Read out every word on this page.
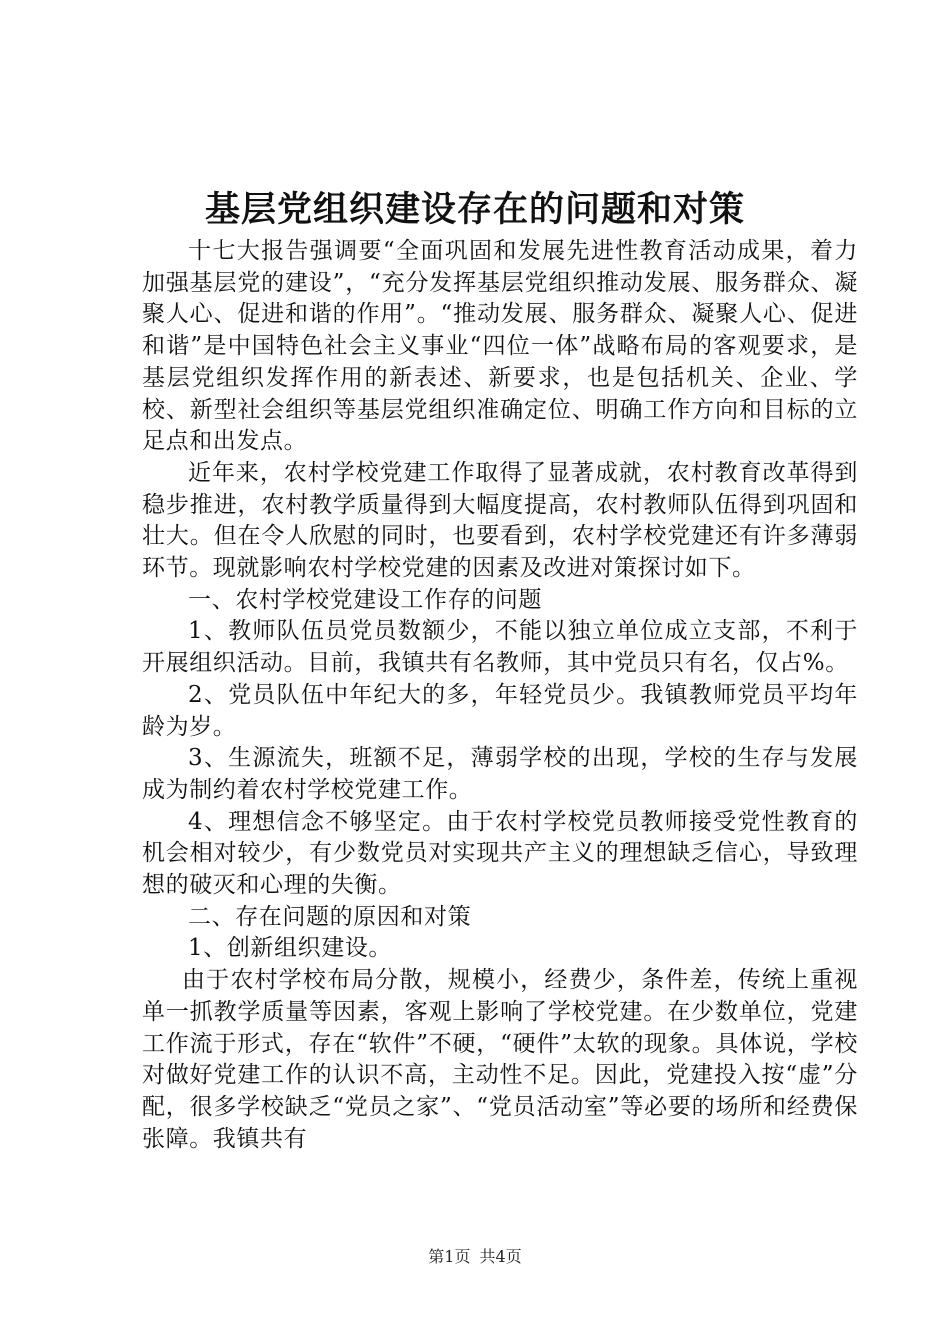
基层党组织建设存在的问题和对策

十七大报告强调要“全面巩固和发展先进性教育活动成果，着力加强基层党的建设”，“充分发挥基层党组织推动发展、服务群众、凝聚人心、促进和谐的作用”。“推动发展、服务群众、凝聚人心、促进和谐”是中国特色社会主义事业“四位一体”战略布局的客观要求，是基层党组织发挥作用的新表述、新要求，也是包括机关、企业、学校、新型社会组织等基层党组织准确定位、明确工作方向和目标的立足点和出发点。

近年来，农村学校党建工作取得了显著成就，农村教育改革得到稳步推进，农村教学质量得到大幅度提高，农村教师队伍得到巩固和壮大。但在令人欣慰的同时，也要看到，农村学校党建还有许多薄弱环节。现就影响农村学校党建的因素及改进对策探讨如下。

一、农村学校党建设工作存的问题

1、教师队伍员党员数额少，不能以独立单位成立支部，不利于开展组织活动。目前，我镇共有名教师，其中党员只有名，仅占%。

2、党员队伍中年纪大的多，年轻党员少。我镇教师党员平均年龄为岁。

3、生源流失，班额不足，薄弱学校的出现，学校的生存与发展成为制约着农村学校党建工作。

4、理想信念不够坚定。由于农村学校党员教师接受党性教育的机会相对较少，有少数党员对实现共产主义的理想缺乏信心，导致理想的破灭和心理的失衡。

二、存在问题的原因和对策

1、创新组织建设。

由于农村学校布局分散，规模小，经费少，条件差，传统上重视单一抓教学质量等因素，客观上影响了学校党建。在少数单位，党建工作流于形式，存在“软件”不硬，“硬件”太软的现象。具体说，学校对做好党建工作的认识不高，主动性不足。因此，党建投入按“虚”分配，很多学校缺乏“党员之家”、“党员活动室”等必要的场所和经费保张障。我镇共有

第1页 共4页
